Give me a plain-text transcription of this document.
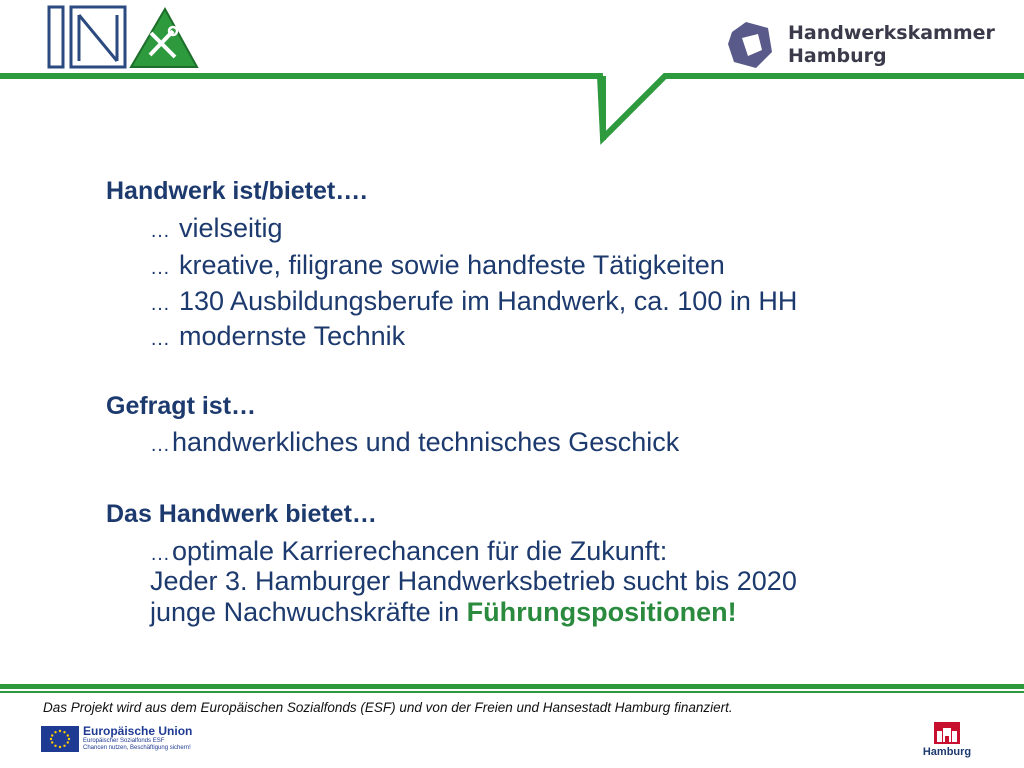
Handwerkskammer
Hamburg
Handwerk ist/bietet….
… vielseitig
… kreative, filigrane sowie handfeste Tätigkeiten
… 130 Ausbildungsberufe im Handwerk, ca. 100 in HH
… modernste Technik
Gefragt ist…
…handwerkliches und technisches Geschick
Das Handwerk bietet…
…optimale Karrierechancen für die Zukunft:
Jeder 3. Hamburger Handwerksbetrieb sucht bis 2020
junge Nachwuchskräfte in Führungspositionen!
Das Projekt wird aus dem Europäischen Sozialfonds (ESF) und von der Freien und Hansestadt Hamburg finanziert.
Europäische Union
Europäischer Sozialfonds ESF
Chancen nutzen, Beschäftigung sichern!	Hamburg
